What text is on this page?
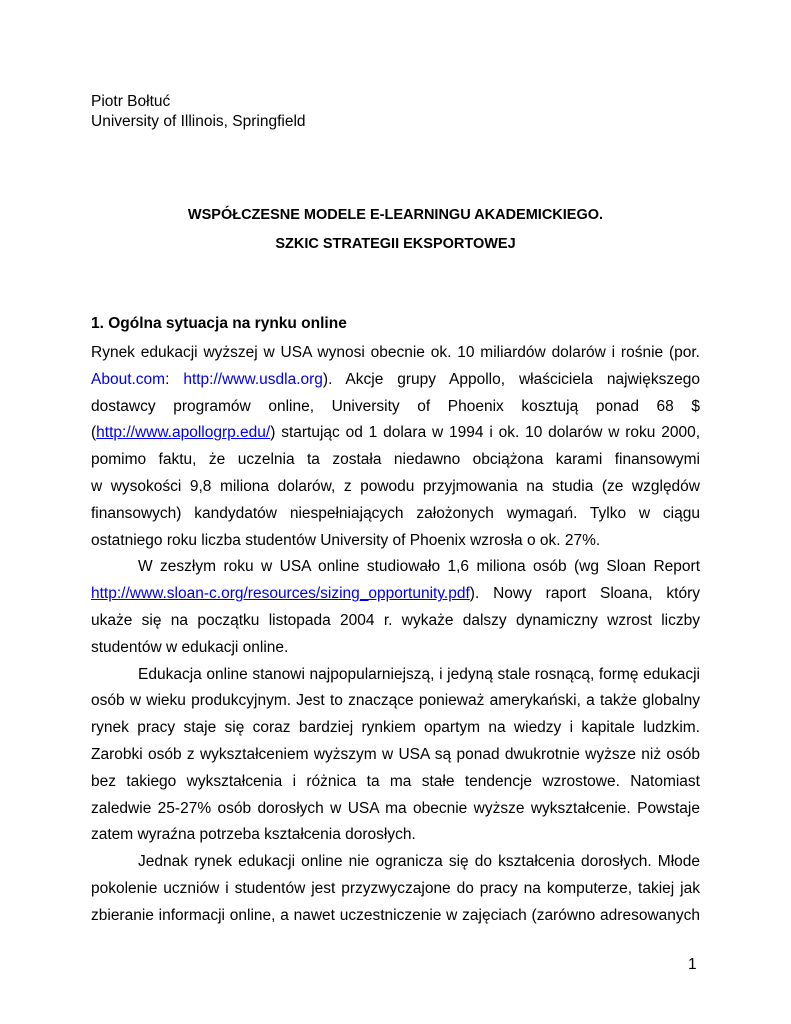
Piotr Bołtuć
University of Illinois, Springfield
WSPÓŁCZESNE MODELE E-LEARNINGU AKADEMICKIEGO.
SZKIC STRATEGII EKSPORTOWEJ
1. Ogólna sytuacja na rynku online
Rynek edukacji wyższej w USA wynosi obecnie ok. 10 miliardów dolarów i rośnie (por.
About.com: http://www.usdla.org). Akcje grupy Appollo, właściciela największego
dostawcy programów online, University of Phoenix kosztują ponad 68 $
(http://www.apollogrp.edu/) startując od 1 dolara w 1994 i ok. 10 dolarów w roku 2000,
pomimo faktu, że uczelnia ta została niedawno obciążona karami finansowymi
w wysokości 9,8 miliona dolarów, z powodu przyjmowania na studia (ze względów
finansowych) kandydatów niespełniających założonych wymagań. Tylko w ciągu
ostatniego roku liczba studentów University of Phoenix wzrosła o ok. 27%.
W zeszłym roku w USA online studiowało 1,6 miliona osób (wg Sloan Report
http://www.sloan-c.org/resources/sizing_opportunity.pdf). Nowy raport Sloana, który
ukaże się na początku listopada 2004 r. wykaże dalszy dynamiczny wzrost liczby
studentów w edukacji online.
Edukacja online stanowi najpopularniejszą, i jedyną stale rosnącą, formę edukacji
osób w wieku produkcyjnym. Jest to znaczące ponieważ amerykański, a także globalny
rynek pracy staje się coraz bardziej rynkiem opartym na wiedzy i kapitale ludzkim.
Zarobki osób z wykształceniem wyższym w USA są ponad dwukrotnie wyższe niż osób
bez takiego wykształcenia i różnica ta ma stałe tendencje wzrostowe. Natomiast
zaledwie 25-27% osób dorosłych w USA ma obecnie wyższe wykształcenie. Powstaje
zatem wyraźna potrzeba kształcenia dorosłych.
Jednak rynek edukacji online nie ogranicza się do kształcenia dorosłych. Młode
pokolenie uczniów i studentów jest przyzwyczajone do pracy na komputerze, takiej jak
zbieranie informacji online, a nawet uczestniczenie w zajęciach (zarówno adresowanych
1
